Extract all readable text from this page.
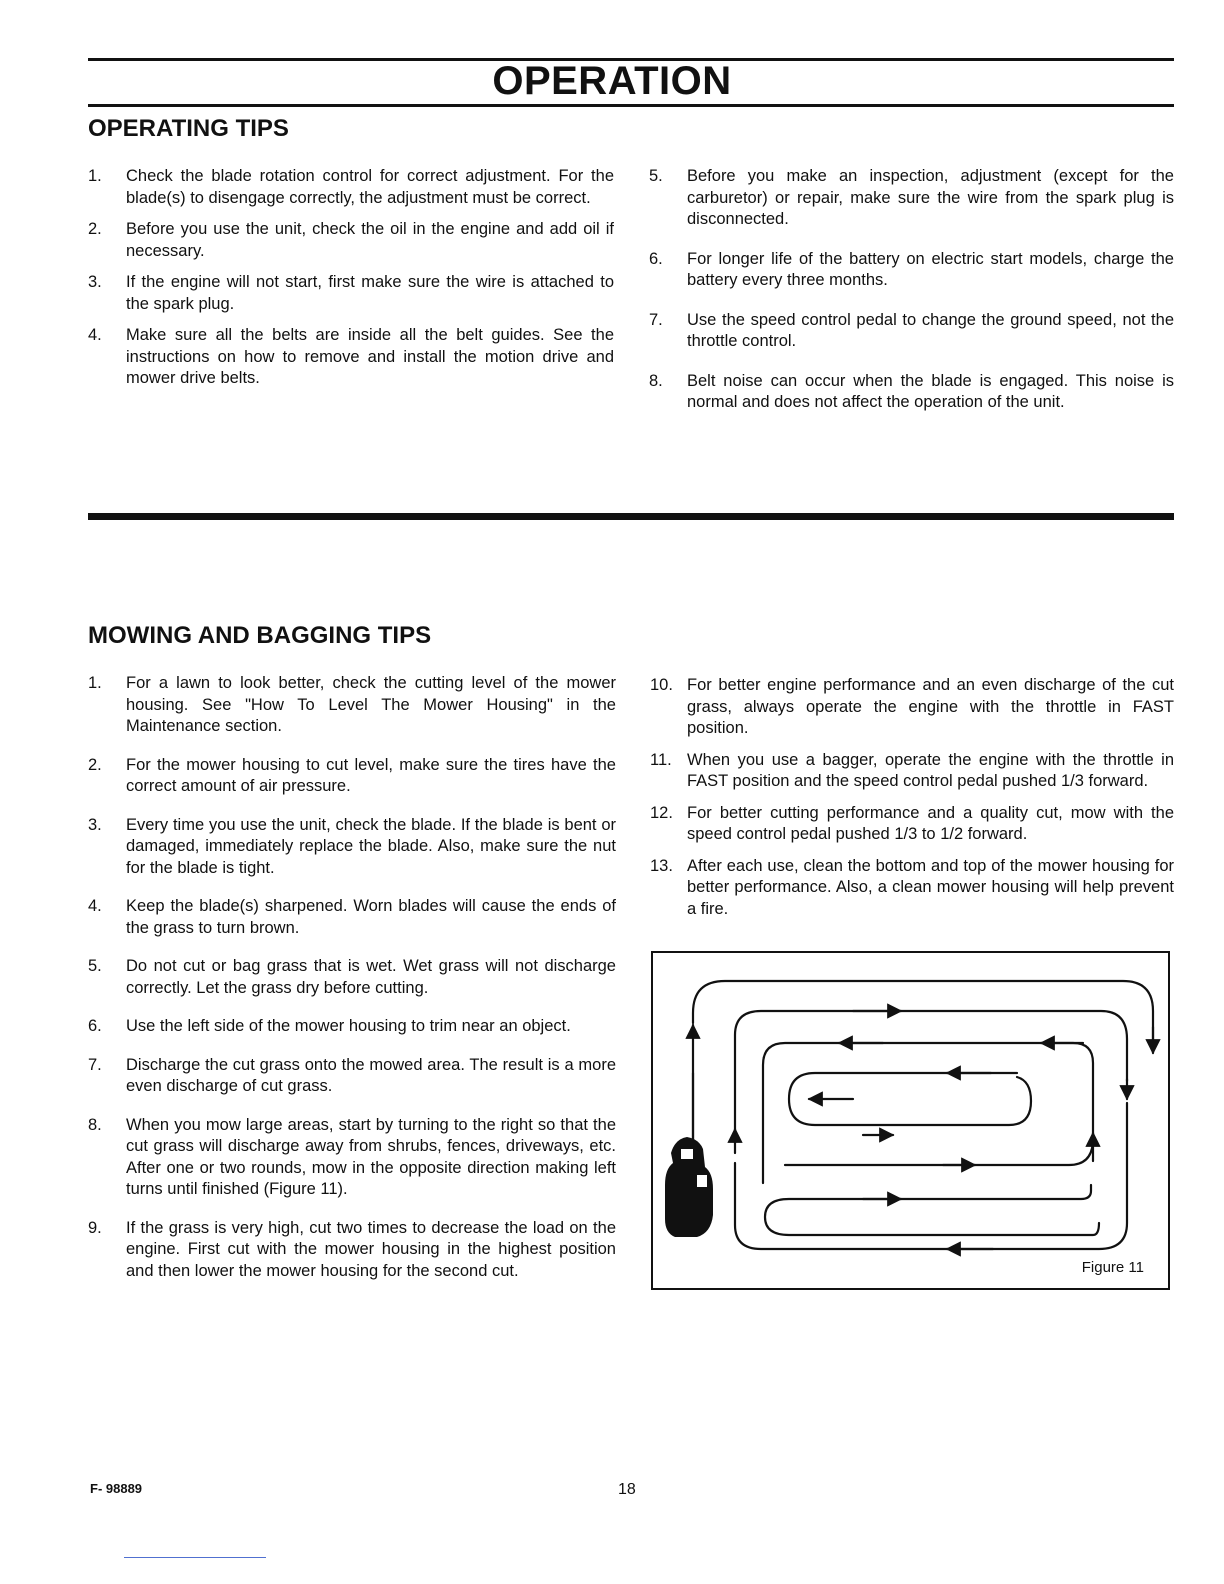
OPERATION
OPERATING TIPS
1. Check the blade rotation control for correct adjustment. For the blade(s) to disengage correctly, the adjustment must be correct.
2. Before you use the unit, check the oil in the engine and add oil if necessary.
3. If the engine will not start, first make sure the wire is attached to the spark plug.
4. Make sure all the belts are inside all the belt guides. See the instructions on how to remove and install the motion drive and mower drive belts.
5. Before you make an inspection, adjustment (except for the carburetor) or repair, make sure the wire from the spark plug is disconnected.
6. For longer life of the battery on electric start models, charge the battery every three months.
7. Use the speed control pedal to change the ground speed, not the throttle control.
8. Belt noise can occur when the blade is engaged. This noise is normal and does not affect the operation of the unit.
MOWING AND BAGGING TIPS
1. For a lawn to look better, check the cutting level of the mower housing. See "How To Level The Mower Housing" in the Maintenance section.
2. For the mower housing to cut level, make sure the tires have the correct amount of air pressure.
3. Every time you use the unit, check the blade. If the blade is bent or damaged, immediately replace the blade. Also, make sure the nut for the blade is tight.
4. Keep the blade(s) sharpened. Worn blades will cause the ends of the grass to turn brown.
5. Do not cut or bag grass that is wet. Wet grass will not discharge correctly. Let the grass dry before cutting.
6. Use the left side of the mower housing to trim near an object.
7. Discharge the cut grass onto the mowed area. The result is a more even discharge of cut grass.
8. When you mow large areas, start by turning to the right so that the cut grass will discharge away from shrubs, fences, driveways, etc. After one or two rounds, mow in the opposite direction making left turns until finished (Figure 11).
9. If the grass is very high, cut two times to decrease the load on the engine. First cut with the mower housing in the highest position and then lower the mower housing for the second cut.
10. For better engine performance and an even discharge of the cut grass, always operate the engine with the throttle in FAST position.
11. When you use a bagger, operate the engine with the throttle in FAST position and the speed control pedal pushed 1/3 forward.
12. For better cutting performance and a quality cut, mow with the speed control pedal pushed 1/3 to 1/2 forward.
13. After each use, clean the bottom and top of the mower housing for better performance. Also, a clean mower housing will help prevent a fire.
Figure 11
F- 98889	18
